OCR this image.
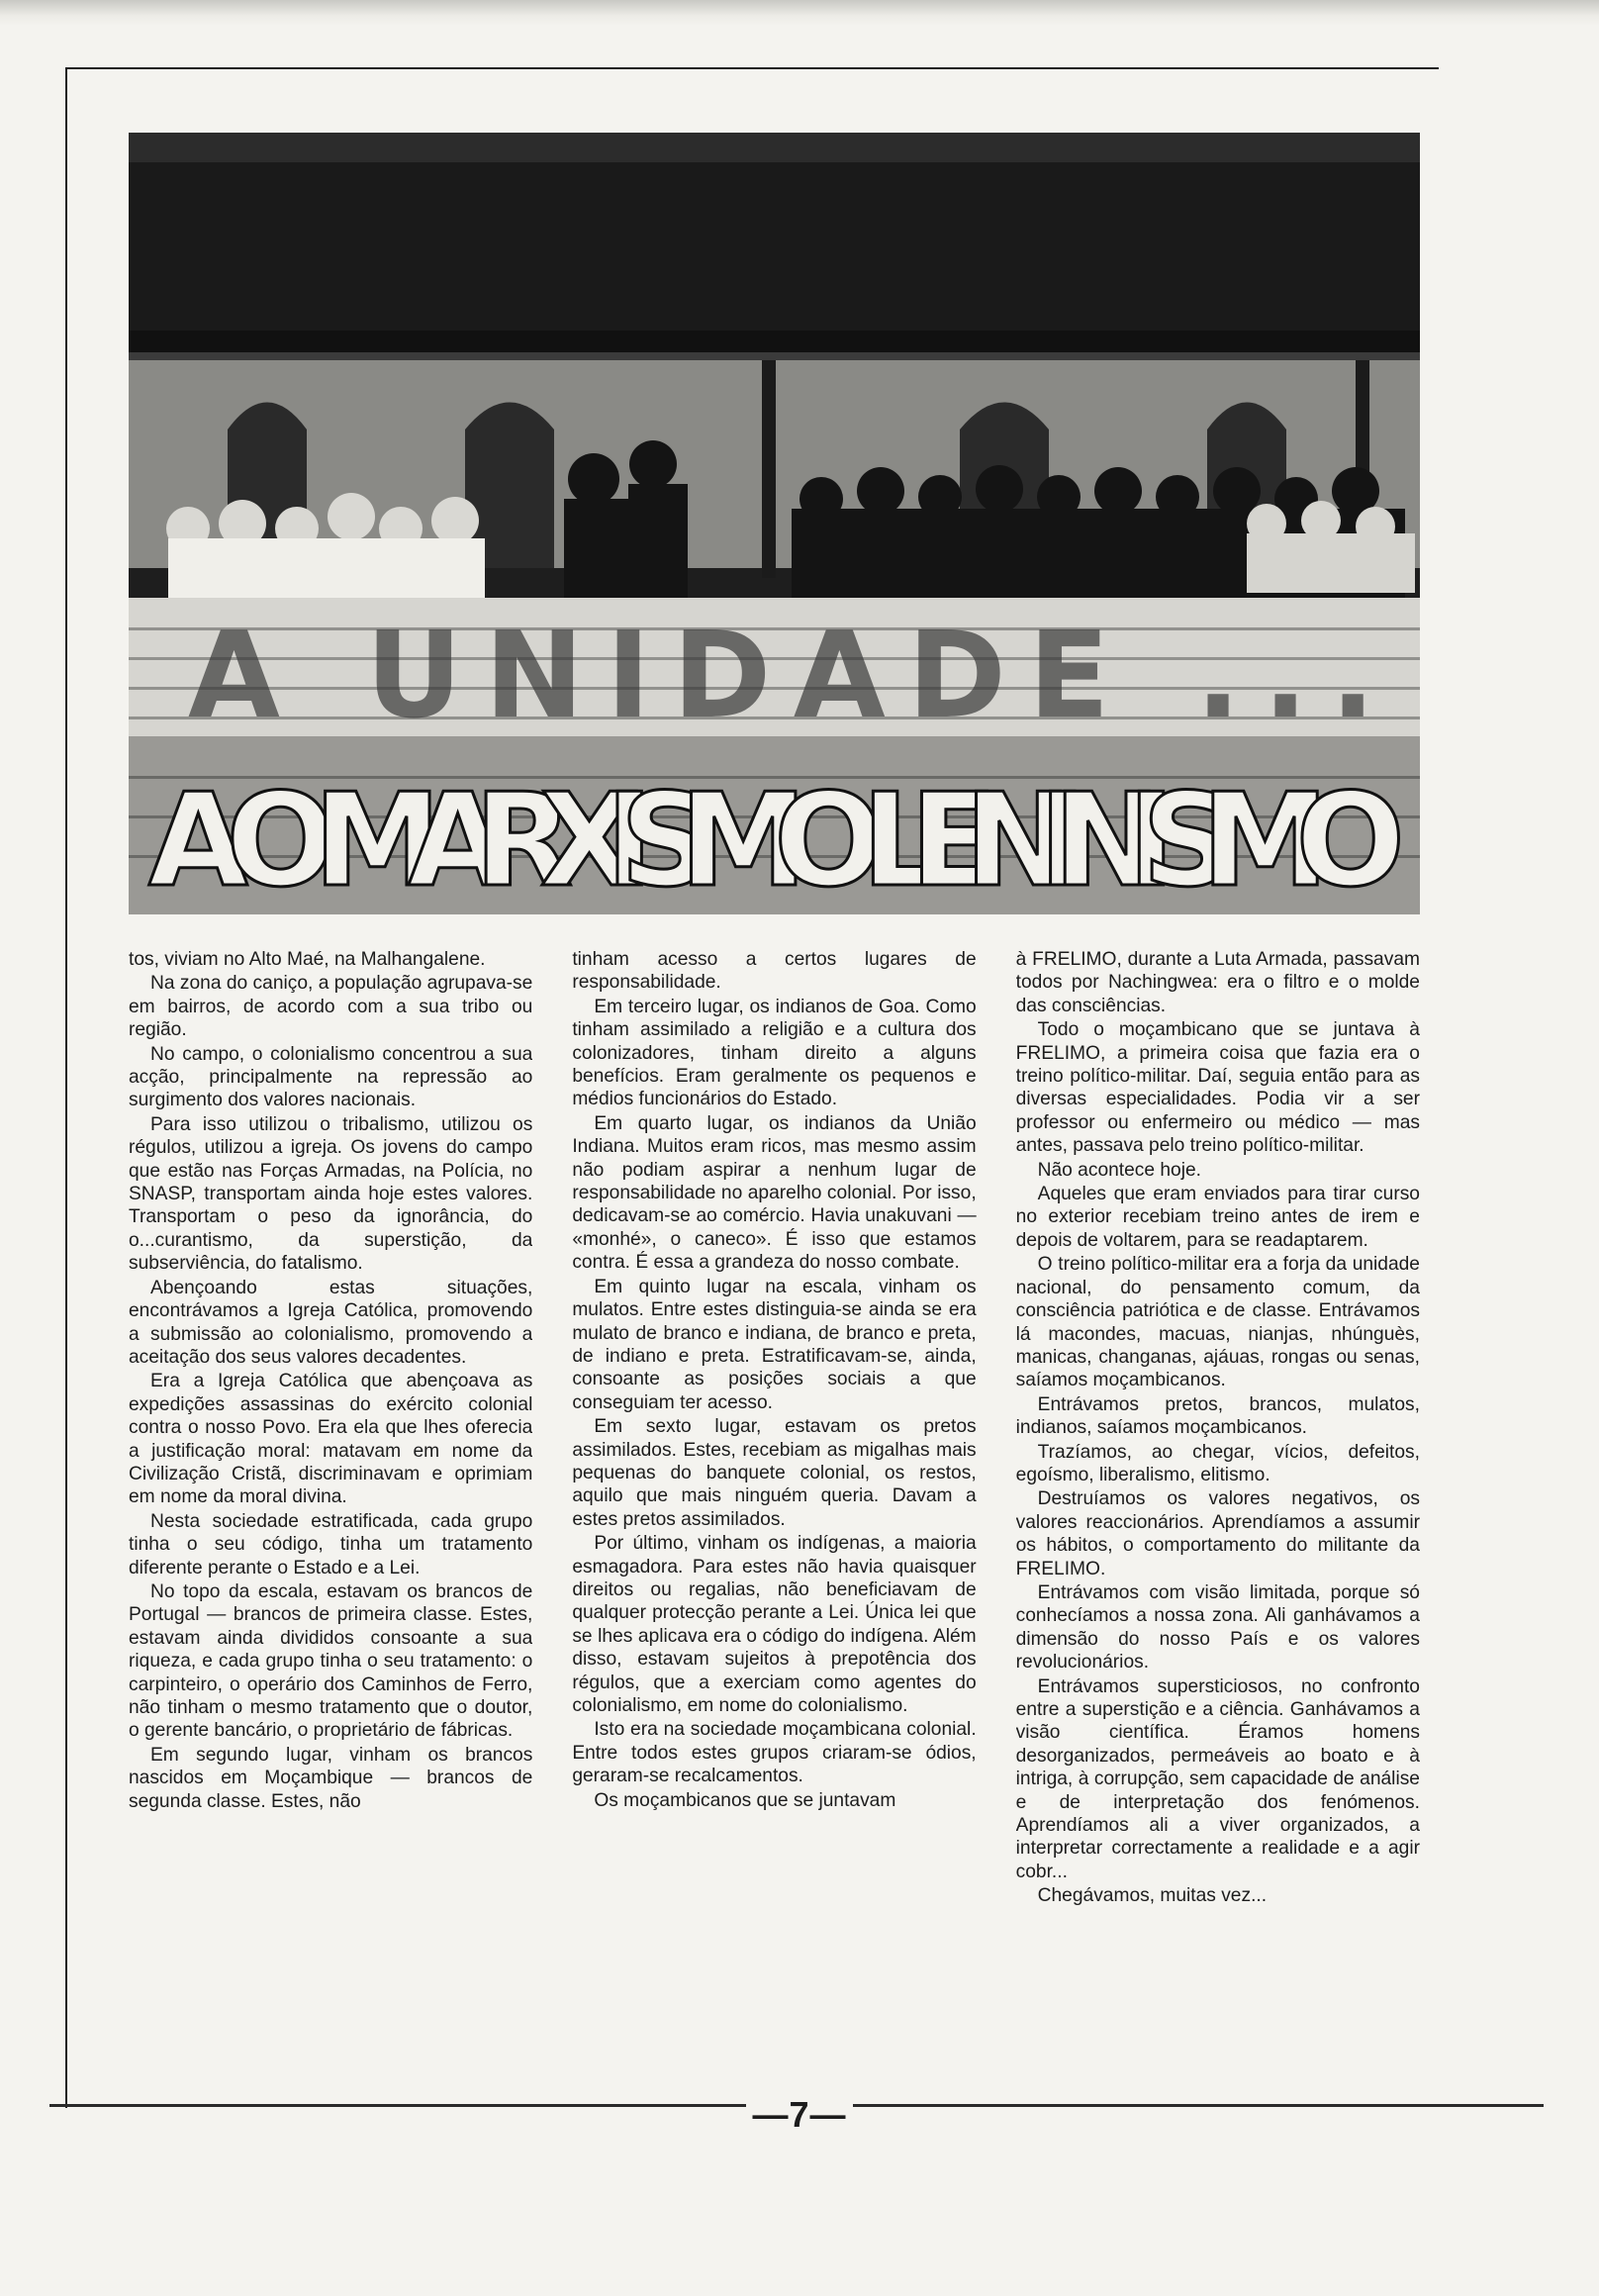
A UNIDADE ...
A O MARXISMO LENINISMO

tos, viviam no Alto Maé, na Malhangalene.

Na zona do caniço, a população agrupava-se em bairros, de acordo com a sua tribo ou região.

No campo, o colonialismo concentrou a sua acção, principalmente na repressão ao surgimento dos valores nacionais.

Para isso utilizou o tribalismo, utilizou os régulos, utilizou a igreja. Os jovens do campo que estão nas Forças Armadas, na Polícia, no SNASP, transportam ainda hoje estes valores. Transportam o peso da ignorância, do o...curantismo, da superstição, da subserviência, do fatalismo.

Abençoando estas situações, encontrávamos a Igreja Católica, promovendo a submissão ao colonialismo, promovendo a aceitação dos seus valores decadentes.

Era a Igreja Católica que abençoava as expedições assassinas do exército colonial contra o nosso Povo. Era ela que lhes oferecia a justificação moral: matavam em nome da Civilização Cristã, discriminavam e oprimiam em nome da moral divina.

Nesta sociedade estratificada, cada grupo tinha o seu código, tinha um tratamento diferente perante o Estado e a Lei.

No topo da escala, estavam os brancos de Portugal — brancos de primeira classe. Estes, estavam ainda divididos consoante a sua riqueza, e cada grupo tinha o seu tratamento: o carpinteiro, o operário dos Caminhos de Ferro, não tinham o mesmo tratamento que o doutor, o gerente bancário, o proprietário de fábricas.

Em segundo lugar, vinham os brancos nascidos em Moçambique — brancos de segunda classe. Estes, não

tinham acesso a certos lugares de responsabilidade.

Em terceiro lugar, os indianos de Goa. Como tinham assimilado a religião e a cultura dos colonizadores, tinham direito a alguns benefícios. Eram geralmente os pequenos e médios funcionários do Estado.

Em quarto lugar, os indianos da União Indiana. Muitos eram ricos, mas mesmo assim não podiam aspirar a nenhum lugar de responsabilidade no aparelho colonial. Por isso, dedicavam-se ao comércio. Havia unakuvani — «monhé», o caneco». É isso que estamos contra. É essa a grandeza do nosso combate.

Em quinto lugar na escala, vinham os mulatos. Entre estes distinguia-se ainda se era mulato de branco e indiana, de branco e preta, de indiano e preta. Estratificavam-se, ainda, consoante as posições sociais a que conseguiam ter acesso.

Em sexto lugar, estavam os pretos assimilados. Estes, recebiam as migalhas mais pequenas do banquete colonial, os restos, aquilo que mais ninguém queria. Davam a estes pretos assimilados.

Por último, vinham os indígenas, a maioria esmagadora. Para estes não havia quaisquer direitos ou regalias, não beneficiavam de qualquer protecção perante a Lei. Única lei que se lhes aplicava era o código do indígena. Além disso, estavam sujeitos à prepotência dos régulos, que a exerciam como agentes do colonialismo, em nome do colonialismo.

Isto era na sociedade moçambicana colonial. Entre todos estes grupos criaram-se ódios, geraram-se recalcamentos.

Os moçambicanos que se juntavam

à FRELIMO, durante a Luta Armada, passavam todos por Nachingwea: era o filtro e o molde das consciências.

Todo o moçambicano que se juntava à FRELIMO, a primeira coisa que fazia era o treino político-militar. Daí, seguia então para as diversas especialidades. Podia vir a ser professor ou enfermeiro ou médico — mas antes, passava pelo treino político-militar.

Não acontece hoje.

Aqueles que eram enviados para tirar curso no exterior recebiam treino antes de irem e depois de voltarem, para se readaptarem.

O treino político-militar era a forja da unidade nacional, do pensamento comum, da consciência patriótica e de classe. Entrávamos lá macondes, macuas, nianjas, nhúnguès, manicas, changanas, ajáuas, rongas ou senas, saíamos moçambicanos.

Entrávamos pretos, brancos, mulatos, indianos, saíamos moçambicanos.

Trazíamos, ao chegar, vícios, defeitos, egoísmo, liberalismo, elitismo.

Destruíamos os valores negativos, os valores reaccionários. Aprendíamos a assumir os hábitos, o comportamento do militante da FRELIMO.

Entrávamos com visão limitada, porque só conhecíamos a nossa zona. Ali ganhávamos a dimensão do nosso País e os valores revolucionários.

Entrávamos supersticiosos, no confronto entre a superstição e a ciência. Ganhávamos a visão científica. Éramos homens desorganizados, permeáveis ao boato e à intriga, à corrupção, sem capacidade de análise e de interpretação dos fenómenos. Aprendíamos ali a viver organizados, a interpretar correctamente a realidade e a agir cobr...

Chegávamos, muitas vez...

—7—
